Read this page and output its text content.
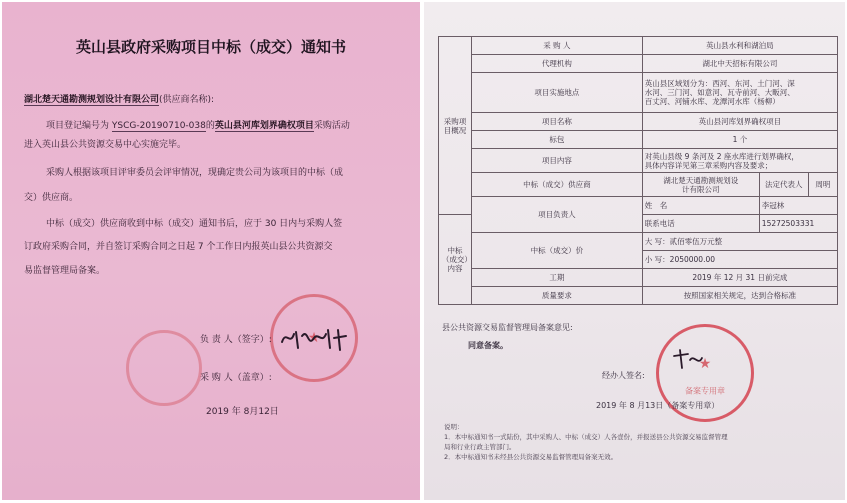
英山县政府采购项目中标（成交）通知书
湖北楚天通勘测规划设计有限公司(供应商名称):
项目登记编号为 YSCG-20190710-038的英山县河库划界确权项目采购活动
进入英山县公共资源交易中心实施完毕。
采购人根据该项目评审委员会评审情况，现确定贵公司为该项目的中标（成
交）供应商。
中标（成交）供应商收到中标（成交）通知书后，应于 30 日内与采购人签
订政府采购合同，并自签订采购合同之日起 7 个工作日内报英山县公共资源交
易监督管理局备案。
★
负 责 人（签字）:
采 购 人（盖章）:
2019 年 8月12日
采购项目概况	采 购 人	英山县水利和湖泊局		
	代理机构	湖北中天招标有限公司		
	项目实施地点	英山县区域划分为：西河、东河、土门河、深
水河、三门河、如意河、瓦寺前河、大畈河、
百丈河、河铺水库、龙潭河水库（杨柳）		

	项目名称	英山县河库划界确权项目		
	标包	1 个		
	项目内容	对英山县级 9 条河及 2 座水库进行划界确权，
具体内容详见第三章采购内容及要求；		

	中标（成交）供应商	湖北楚天通勘测规划设
计有限公司	法定代表人	周明
	项目负责人	姓　名	李冠林	
中标（成交）内容		联系电话	15272503331	
	中标（成交）价	大 写：贰佰零伍万元整		
		小 写：2050000.00		
	工期	2019 年 12 月 31 日前完成		
	质量要求	按照国家相关规定，达到合格标准		
县公共资源交易监督管理局备案意见:
同意备案。
★
备案专用章
经办人签名:
2019 年 8 月13日（备案专用章）
说明：
1．本中标通知书一式陆份，其中采购人、中标（成交）人各壹份，并报送县公共资源交易监督管理
局和行业行政主管部门。
2．本中标通知书未经县公共资源交易监督管理局备案无效。
